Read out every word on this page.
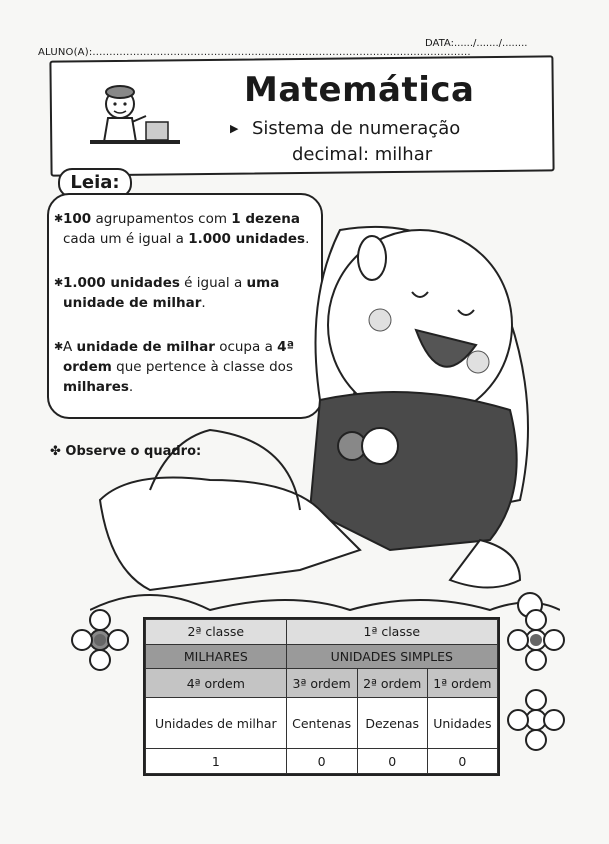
ALUNO(A):................................................................................................................
DATA:....../......./........
Matemática
▶ Sistema de numeração
decimal: milhar
Leia:
✱ 100 agrupamentos com 1 dezena cada um é igual a 1.000 unidades.
✱ 1.000 unidades é igual a uma unidade de milhar.
✱ A unidade de milhar ocupa a 4ª ordem que pertence à classe dos milhares.
✤ Observe o quadro:
2ª classe	1ª classe		
MILHARES	UNIDADES SIMPLES		
4ª ordem	3ª ordem	2ª ordem	1ª ordem
Unidades de milhar	Centenas	Dezenas	Unidades
1	0	0	0
